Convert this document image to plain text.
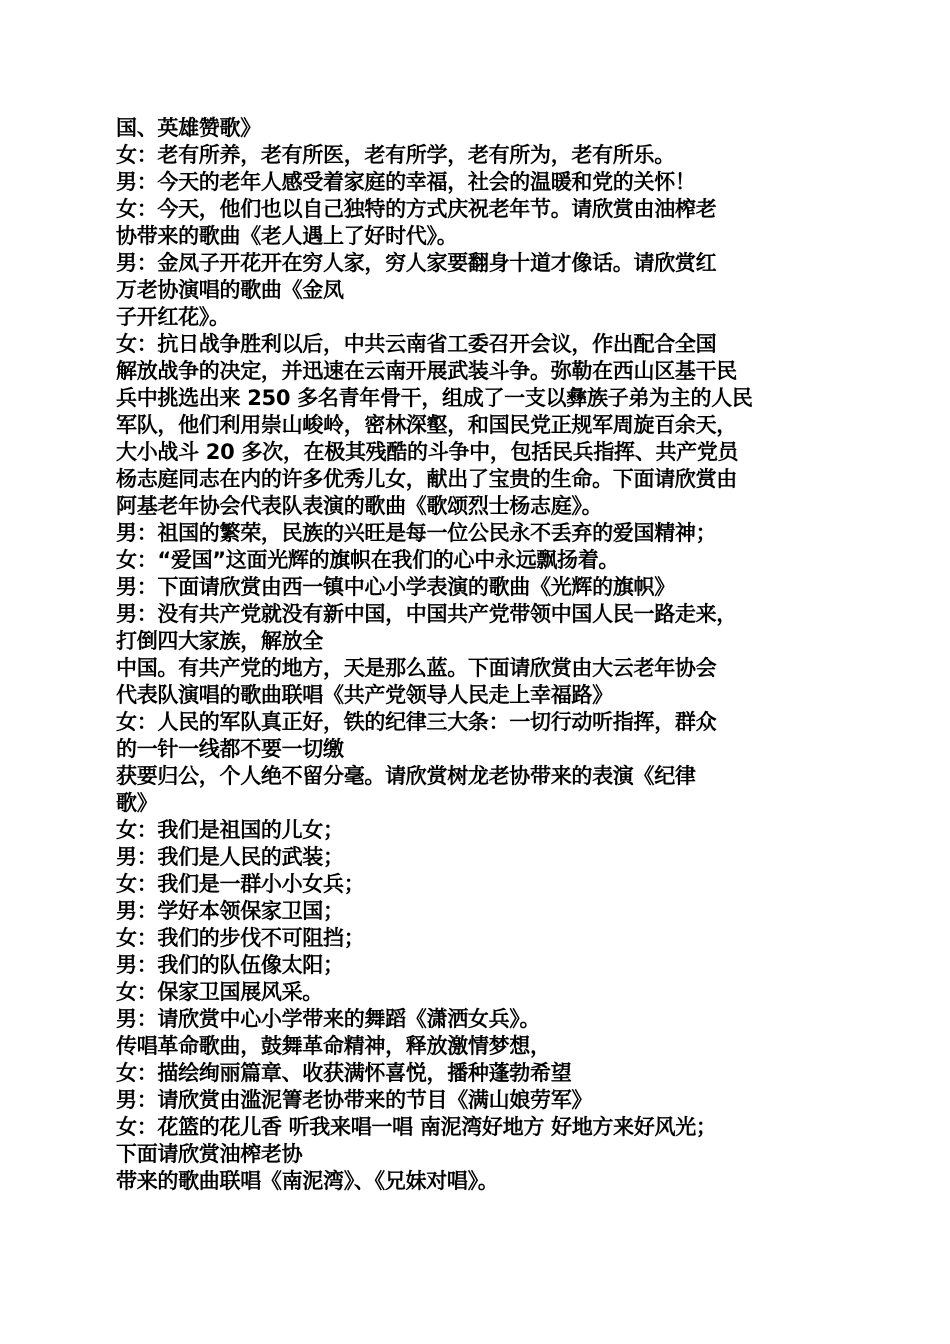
国、英雄赞歌》
女：老有所养，老有所医，老有所学，老有所为，老有所乐。
男：今天的老年人感受着家庭的幸福，社会的温暖和党的关怀！
女：今天，他们也以自己独特的方式庆祝老年节。请欣赏由油榨老
协带来的歌曲《老人遇上了好时代》。
男：金凤子开花开在穷人家，穷人家要翻身十道才像话。请欣赏红
万老协演唱的歌曲《金凤
子开红花》。
女：抗日战争胜利以后，中共云南省工委召开会议，作出配合全国
解放战争的决定，并迅速在云南开展武装斗争。弥勒在西山区基干民
兵中挑选出来 250 多名青年骨干，组成了一支以彝族子弟为主的人民
军队，他们利用崇山峻岭，密林深壑，和国民党正规军周旋百余天，
大小战斗 20 多次，在极其残酷的斗争中，包括民兵指挥、共产党员
杨志庭同志在内的许多优秀儿女，献出了宝贵的生命。下面请欣赏由
阿基老年协会代表队表演的歌曲《歌颂烈士杨志庭》。
男：祖国的繁荣，民族的兴旺是每一位公民永不丢弃的爱国精神；
女：“爱国”这面光辉的旗帜在我们的心中永远飘扬着。
男：下面请欣赏由西一镇中心小学表演的歌曲《光辉的旗帜》
男：没有共产党就没有新中国，中国共产党带领中国人民一路走来，
打倒四大家族，解放全
中国。有共产党的地方，天是那么蓝。下面请欣赏由大云老年协会
代表队演唱的歌曲联唱《共产党领导人民走上幸福路》
女：人民的军队真正好，铁的纪律三大条：一切行动听指挥，群众
的一针一线都不要一切缴
获要归公，个人绝不留分毫。请欣赏树龙老协带来的表演《纪律
歌》
女：我们是祖国的儿女；
男：我们是人民的武装；
女：我们是一群小小女兵；
男：学好本领保家卫国；
女：我们的步伐不可阻挡；
男：我们的队伍像太阳；
女：保家卫国展风采。
男：请欣赏中心小学带来的舞蹈《潇洒女兵》。
传唱革命歌曲，鼓舞革命精神，释放激情梦想，
女：描绘绚丽篇章、收获满怀喜悦，播种蓬勃希望
男：请欣赏由滥泥箐老协带来的节目《满山娘劳军》
女：花篮的花儿香 听我来唱一唱 南泥湾好地方 好地方来好风光；
下面请欣赏油榨老协
带来的歌曲联唱《南泥湾》、《兄妹对唱》。
